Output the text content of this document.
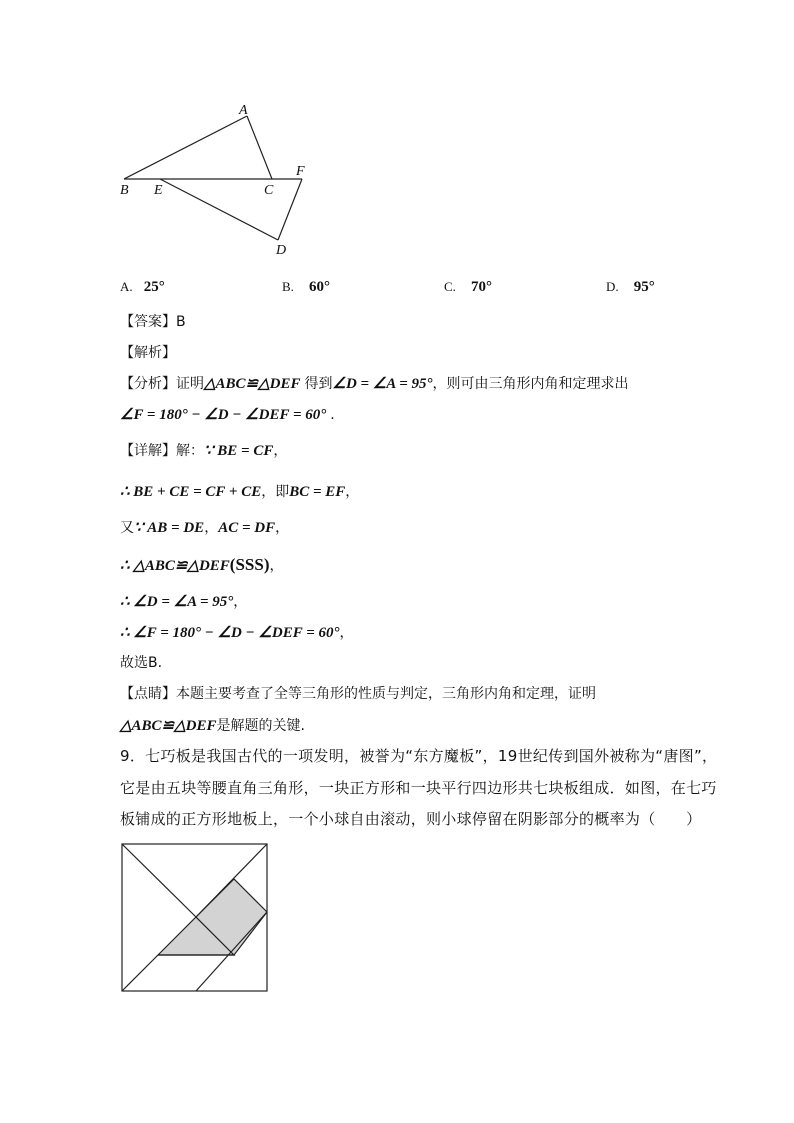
A
B E	C
F
D
A. 25°	B. 60°	C. 70°	D. 95°
【答案】B
【解析】
【分析】证明△ABC≌△DEF 得到∠D = ∠A = 95°，则可由三角形内角和定理求出
∠F = 180° − ∠D − ∠DEF = 60° .
【详解】解：∵ BE = CF，
∴ BE + CE = CF + CE，即BC = EF，
又∵ AB = DE，AC = DF，
∴ △ABC≌△DEF(SSS)，
∴ ∠D = ∠A = 95°，
∴ ∠F = 180° − ∠D − ∠DEF = 60°，
故选B.
【点睛】本题主要考查了全等三角形的性质与判定，三角形内角和定理，证明
△ABC≌△DEF是解题的关键.
9．七巧板是我国古代的一项发明，被誉为“东方魔板”，19世纪传到国外被称为“唐图”，
它是由五块等腰直角三角形，一块正方形和一块平行四边形共七块板组成．如图，在七巧
板铺成的正方形地板上，一个小球自由滚动，则小球停留在阴影部分的概率为（　　）
